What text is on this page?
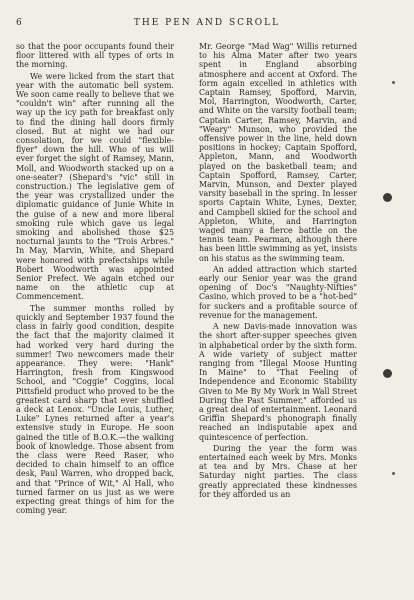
6	THE PEN AND SCROLL

so that the poor occupants found their floor littered with all types of orts in the morning.

We were licked from the start that year with the automatic bell system. We soon came really to believe that we "couldn't win" after running all the way up the icy path for breakfast only to find the dining hall doors firmly closed. But at night we had our consolation, for we could "flexible-flyer" down the hill. Who of us will ever forget the sight of Ramsey, Mann, Moll, and Woodworth stacked up on a one-seater? (Shepard's "vic" still in construction.) The legislative gem of the year was crystallized under the diplomatic guidance of Junie White in the guise of a new and more liberal smoking rule which gave us legal smoking and abolished those $25 nocturnal jaunts to the "Trois Arbres." In May, Marvin, White, and Shepard were honored with prefectships while Robert Woodworth was appointed Senior Prefect. We again etched our name on the athletic cup at Commencement.

The summer months rolled by quickly and September 1937 found the class in fairly good condition, despite the fact that the majority claimed it had worked very hard during the summer! Two newcomers made their appearance. They were: "Hank" Harrington, fresh from Kingswood School, and "Coggie" Coggins, local Pittsfield product who proved to be the greatest card sharp that ever shuffled a deck at Lenox. "Uncle Louis, Luther, Luke" Lynes returned after a year's extensive study in Europe. He soon gained the title of B.O.K.—the walking book of knowledge. Those absent from the class were Reed Raser, who decided to chain himself to an office desk, Paul Warren, who dropped back, and that "Prince of Wit," Al Hall, who turned farmer on us just as we were expecting great things of him for the coming year.

Mr. George "Mad Wag" Willis returned to his Alma Mater after two years spent in England absorbing atmosphere and accent at Oxford. The form again excelled in athletics with Captain Ramsey, Spofford, Marvin, Mol, Harrington, Woodworth, Carter, and White on the varsity football team; Captain Carter, Ramsey, Marvin, and "Weary" Munson, who provided the offensive power in the line, held down positions in hockey; Captain Spofford, Appleton, Mann, and Woodworth played on the basketball team; and Captain Spofford, Ramsey, Carter, Marvin, Munson, and Dexter played varsity baseball in the spring. In lesser sports Captain White, Lynes, Dexter, and Campbell skiied for the school and Appleton, White, and Harrington waged many a fierce battle on the tennis team. Pearman, although there has been little swimming as yet, insists on his status as the swimming team.

An added attraction which started early our Senior year was the grand opening of Doc's "Naughty-Nifties" Casino, which proved to be a "hot-bed" for suckers and a profitable source of revenue for the management.

A new Davis-made innovation was the short after-supper speeches given in alphabetical order by the sixth form. A wide variety of subject matter ranging from "Illegal Moose Hunting In Maine" to "That Feeling of Independence and Economic Stability Given to Me By My Work in Wall Street During the Past Summer," afforded us a great deal of entertainment. Leonard Griffin Shepard's phonograph finally reached an indisputable apex and quintescence of perfection.

During the year the form was entertained each week by Mrs. Monks at tea and by Mrs. Chase at her Saturday night parties. The class greatly appreciated these kindnesses for they afforded us an
